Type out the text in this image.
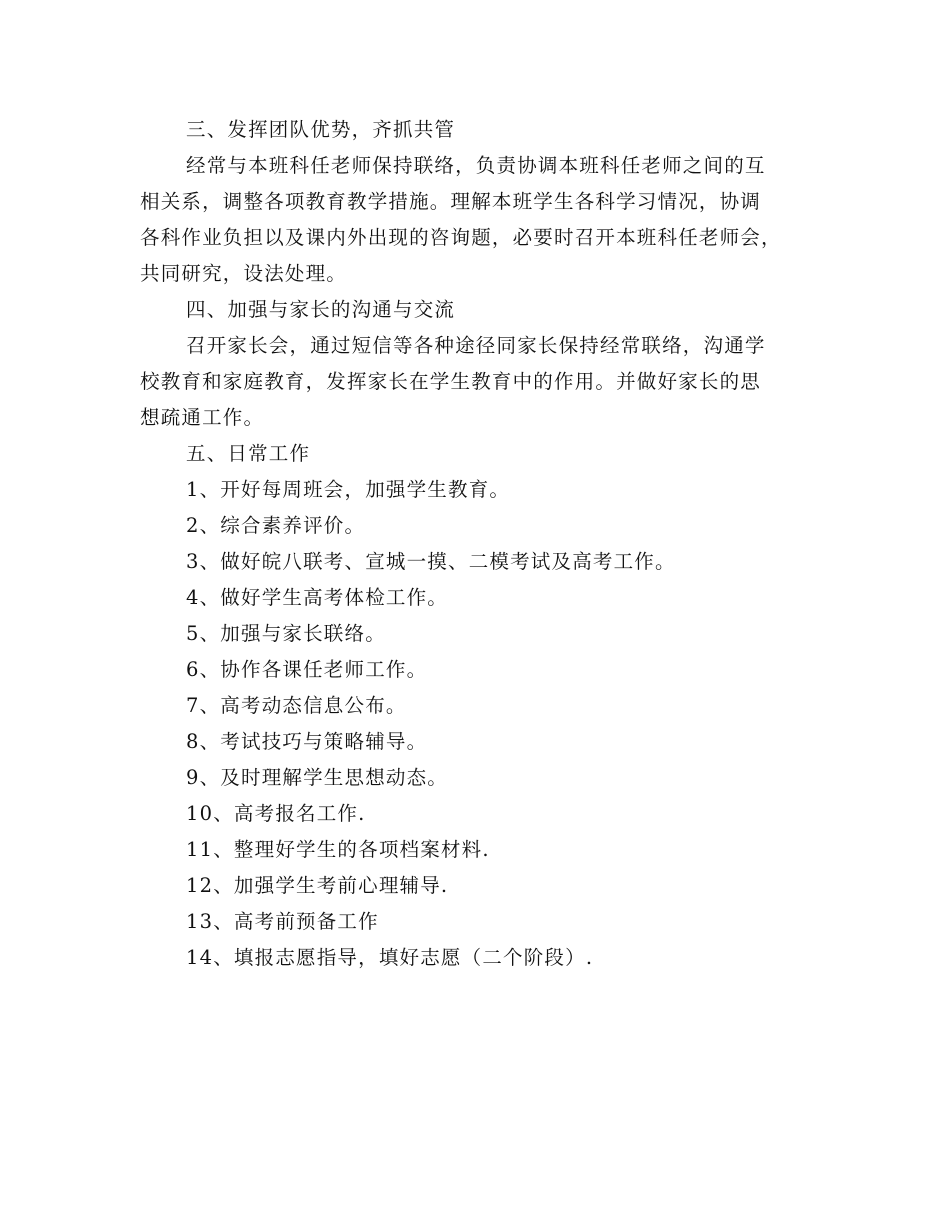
三、发挥团队优势，齐抓共管
经常与本班科任老师保持联络，负责协调本班科任老师之间的互
相关系，调整各项教育教学措施。理解本班学生各科学习情况，协调
各科作业负担以及课内外出现的咨询题，必要时召开本班科任老师会，
共同研究，设法处理。
四、加强与家长的沟通与交流
召开家长会，通过短信等各种途径同家长保持经常联络，沟通学
校教育和家庭教育，发挥家长在学生教育中的作用。并做好家长的思
想疏通工作。
五、日常工作
1、开好每周班会，加强学生教育。
2、综合素养评价。
3、做好皖八联考、宣城一摸、二模考试及高考工作。
4、做好学生高考体检工作。
5、加强与家长联络。
6、协作各课任老师工作。
7、高考动态信息公布。
8、考试技巧与策略辅导。
9、及时理解学生思想动态。
10、高考报名工作.
11、整理好学生的各项档案材料.
12、加强学生考前心理辅导.
13、高考前预备工作
14、填报志愿指导，填好志愿（二个阶段）.
